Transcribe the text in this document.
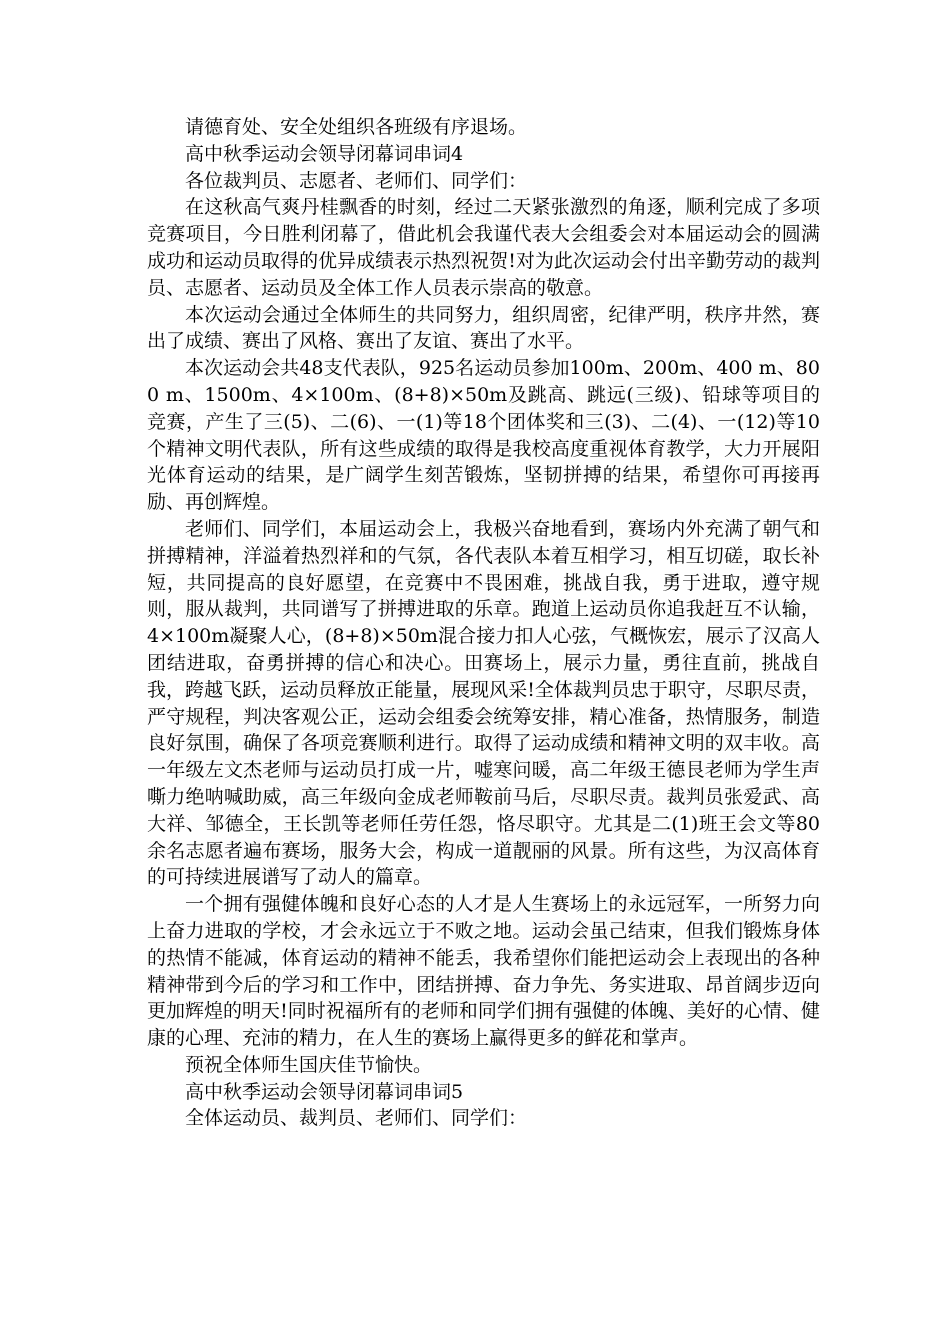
请德育处、安全处组织各班级有序退场。

高中秋季运动会领导闭幕词串词4

各位裁判员、志愿者、老师们、同学们：

在这秋高气爽丹桂飘香的时刻，经过二天紧张激烈的角逐，顺利完成了多项竞赛项目，今日胜利闭幕了，借此机会我谨代表大会组委会对本届运动会的圆满成功和运动员取得的优异成绩表示热烈祝贺!对为此次运动会付出辛勤劳动的裁判员、志愿者、运动员及全体工作人员表示崇高的敬意。

本次运动会通过全体师生的共同努力，组织周密，纪律严明，秩序井然，赛出了成绩、赛出了风格、赛出了友谊、赛出了水平。

本次运动会共48支代表队，925名运动员参加100m、200m、400 m、800 m、1500m、4×100m、(8+8)×50m及跳高、跳远(三级)、铅球等项目的竞赛，产生了三(5)、二(6)、一(1)等18个团体奖和三(3)、二(4)、一(12)等10个精神文明代表队，所有这些成绩的取得是我校高度重视体育教学，大力开展阳光体育运动的结果，是广阔学生刻苦锻炼，坚韧拼搏的结果，希望你可再接再励、再创辉煌。

老师们、同学们，本届运动会上，我极兴奋地看到，赛场内外充满了朝气和拼搏精神，洋溢着热烈祥和的气氛，各代表队本着互相学习，相互切磋，取长补短，共同提高的良好愿望，在竞赛中不畏困难，挑战自我，勇于进取，遵守规则，服从裁判，共同谱写了拼搏进取的乐章。跑道上运动员你追我赶互不认输，4×100m凝聚人心，(8+8)×50m混合接力扣人心弦，气概恢宏，展示了汉高人团结进取，奋勇拼搏的信心和决心。田赛场上，展示力量，勇往直前，挑战自我，跨越飞跃，运动员释放正能量，展现风采!全体裁判员忠于职守，尽职尽责，严守规程，判决客观公正，运动会组委会统筹安排，精心准备，热情服务，制造良好氛围，确保了各项竞赛顺利进行。取得了运动成绩和精神文明的双丰收。高一年级左文杰老师与运动员打成一片，嘘寒问暖，高二年级王德艮老师为学生声嘶力绝呐喊助威，高三年级向金成老师鞍前马后，尽职尽责。裁判员张爱武、高大祥、邹德全，王长凯等老师任劳任怨，恪尽职守。尤其是二(1)班王会文等80余名志愿者遍布赛场，服务大会，构成一道靓丽的风景。所有这些，为汉高体育的可持续进展谱写了动人的篇章。

一个拥有强健体魄和良好心态的人才是人生赛场上的永远冠军，一所努力向上奋力进取的学校，才会永远立于不败之地。运动会虽己结束，但我们锻炼身体的热情不能减，体育运动的精神不能丢，我希望你们能把运动会上表现出的各种精神带到今后的学习和工作中，团结拼搏、奋力争先、务实进取、昂首阔步迈向更加辉煌的明天!同时祝福所有的老师和同学们拥有强健的体魄、美好的心情、健康的心理、充沛的精力，在人生的赛场上赢得更多的鲜花和掌声。

预祝全体师生国庆佳节愉快。

高中秋季运动会领导闭幕词串词5

全体运动员、裁判员、老师们、同学们：
